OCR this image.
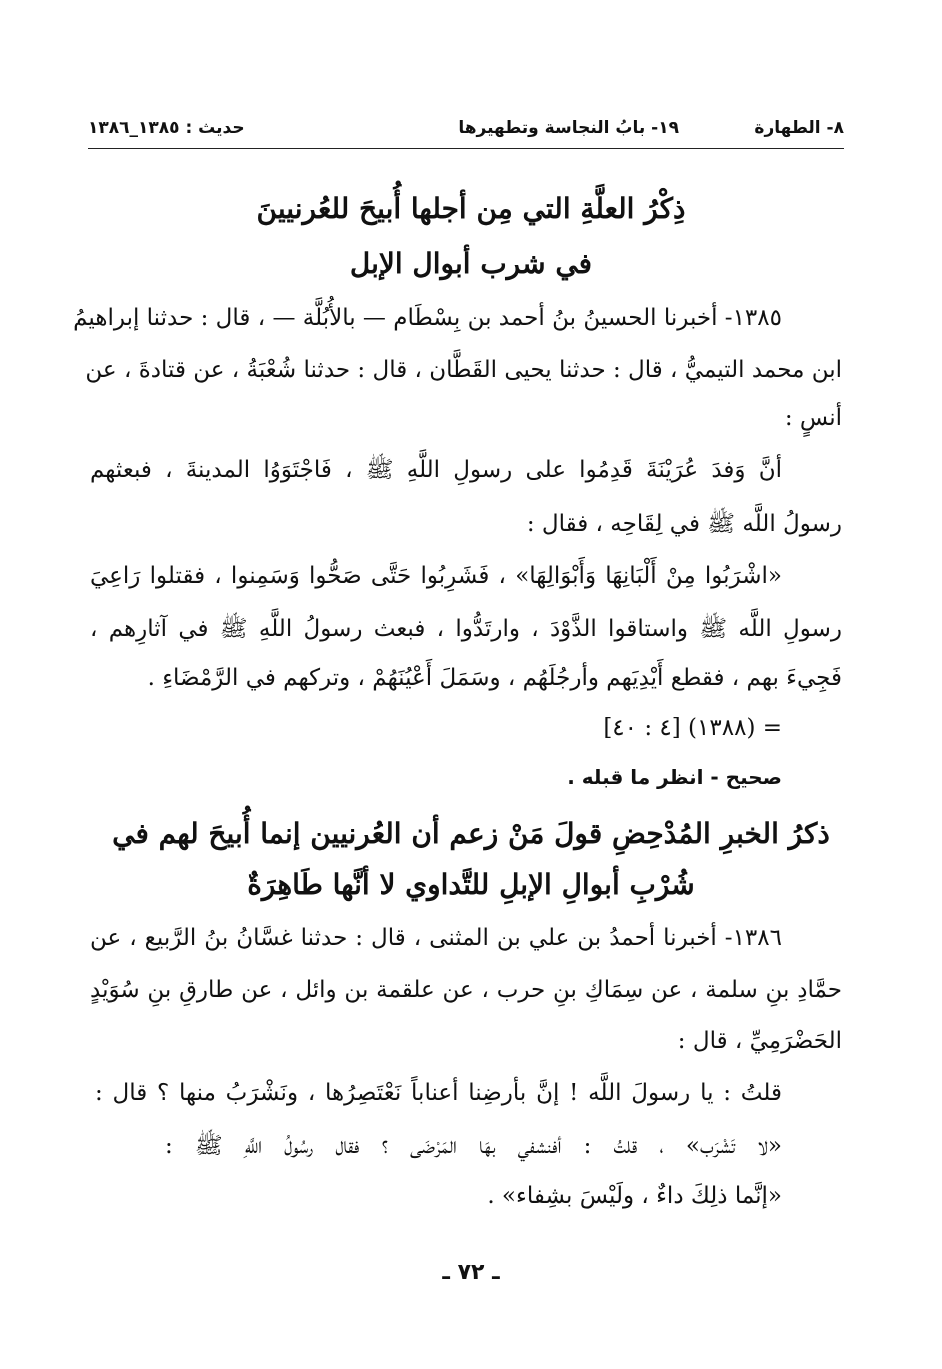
٨- الطهارة
١٩- بابُ النجاسة وتطهيرها
حديث : ١٣٨٥_١٣٨٦
ذِكْرُ العلَّةِ التي مِن أجلها أُبيحَ للعُرنيينَ
في شرب أبوال الإبل
١٣٨٥- أخبرنا الحسينُ بنُ أحمد بن بِسْطَام — بالأُبُلَّة — ، قال : حدثنا إبراهيمُ
ابن محمد التيميُّ ، قال : حدثنا يحيى القَطَّان ، قال : حدثنا شُعْبَةُ ، عن قتادةَ ، عن
أنسٍ :
أنَّ وَفدَ عُرَيْنَةَ قَدِمُوا على رسولِ اللَّهِ ﷺ ، فَاجْتَوَوُا المدينةَ ، فبعثهم
رسولُ اللَّه ﷺ في لِقَاحِه ، فقال :
«اشْرَبُوا مِنْ أَلْبَانِهَا وَأَبْوَالِهَا» ، فَشَرِبُوا حَتَّى صَحُّوا وَسَمِنوا ، فقتلوا رَاعِيَ
رسولِ اللَّه ﷺ واستاقوا الذَّوْدَ ، وارتَدُّوا ، فبعث رسولُ اللَّهِ ﷺ في آثارِهم ،
فَجِيءَ بهم ، فقطع أَيْدِيَهم وأرجُلَهُم ، وسَمَلَ أَعْيُنَهُمْ ، وتركهم في الرَّمْضَاءِ .
= (١٣٨٨) [٤ : ٤٠]
صحيح - انظر ما قبله .
ذكرُ الخبرِ المُدْحِضِ قولَ مَنْ زعم أن العُرنيين إنما أُبيحَ لهم في
شُرْبِ أبوالِ الإبلِ للتَّداوي لا أنَّها طَاهِرَةٌ
١٣٨٦- أخبرنا أحمدُ بن علي بن المثنى ، قال : حدثنا غسَّانُ بنُ الرَّبيع ، عن
حمَّادِ بنِ سلمة ، عن سِمَاكِ بنِ حرب ، عن علقمة بن وائل ، عن طارقِ بنِ سُوَيْدٍ
الحَضْرَمِيِّ ، قال :
قلتُ : يا رسولَ اللَّه ! إنَّ بأرضِنا أعناباً نَعْتَصِرُها ، ونَشْرَبُ منها ؟ قال :
«لا تَشْرَب» ، قلتُ : أفنشفي بهَا المَرْضَى ؟ فقال رسُولُ اللَّهِ ﷺ :
«إنَّما ذلِكَ داءٌ ، ولَيْسَ بشِفاء» .
ـ ٧٢ ـ
